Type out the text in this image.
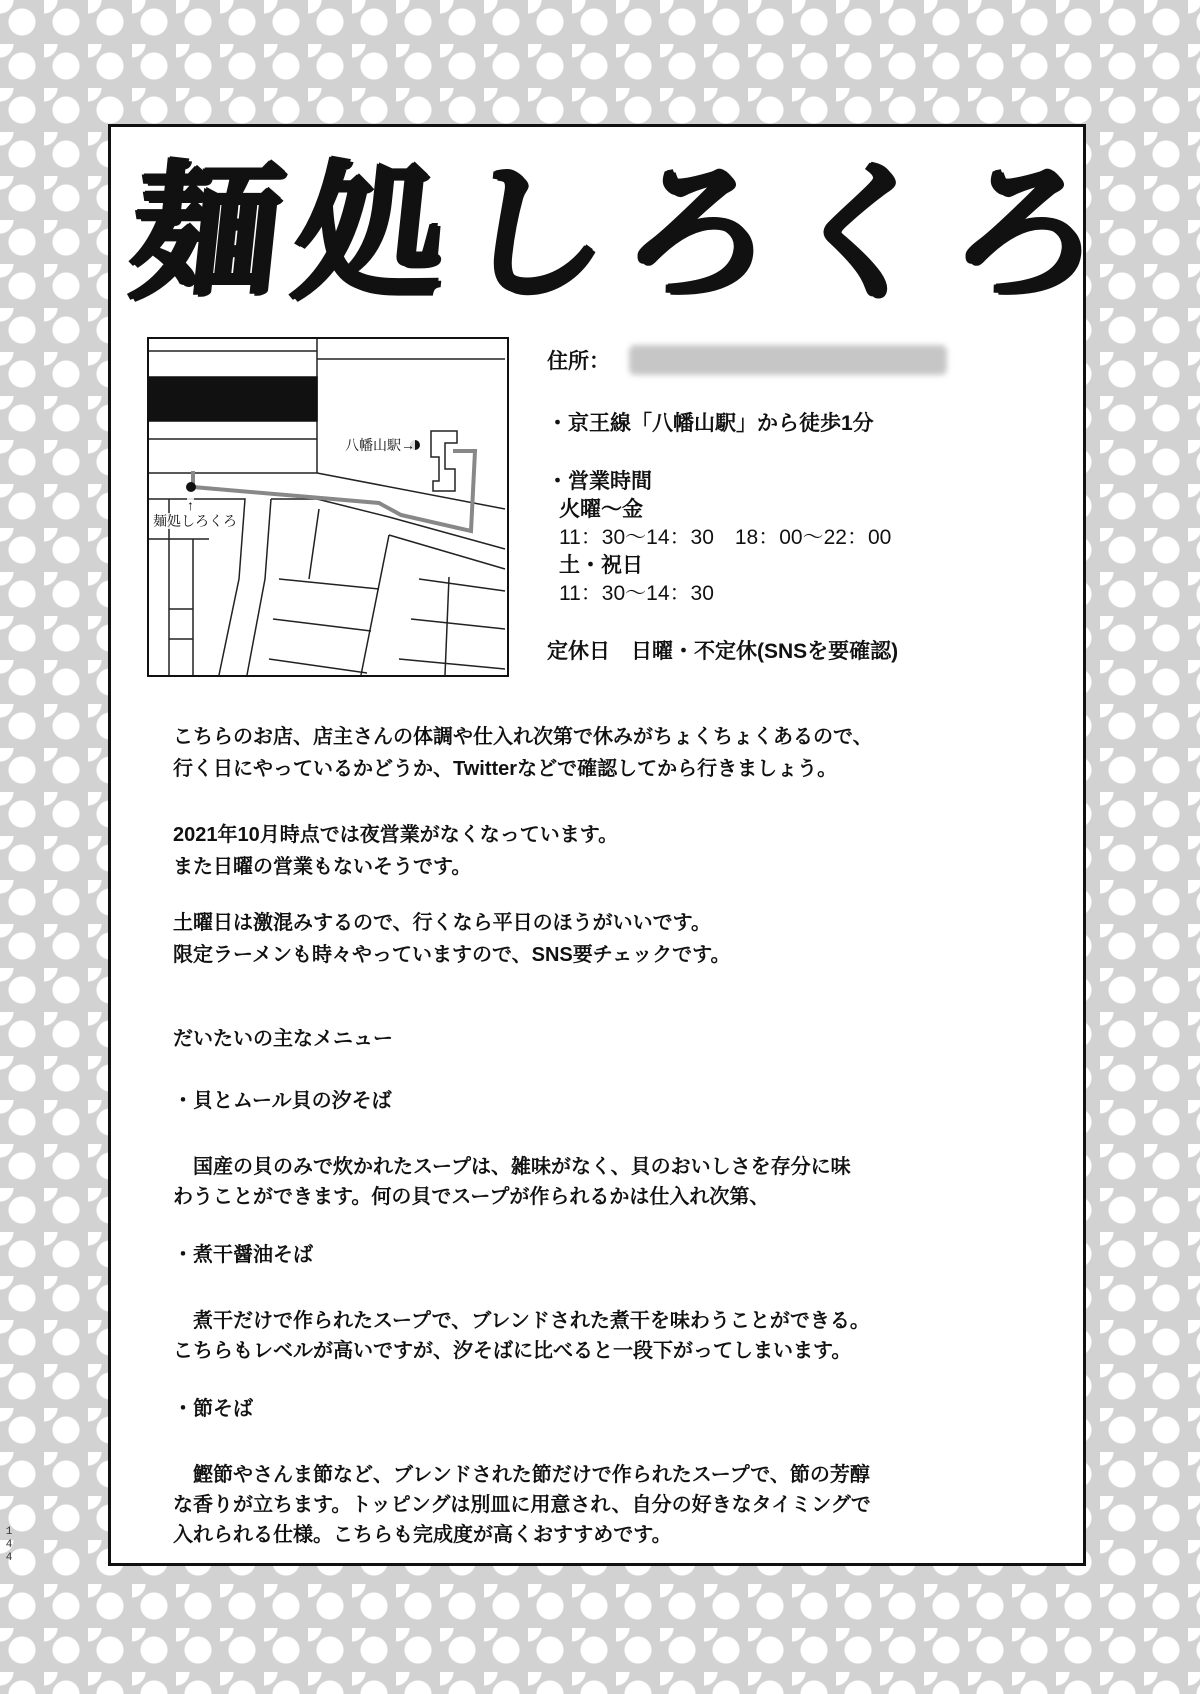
麺処しろくろ
八幡山駅→
↑
麺処しろくろ
住所：
・京王線「八幡山駅」から徒歩1分
・営業時間
火曜～金
11：30～14：30　18：00～22：00
土・祝日
11：30～14：30
定休日　日曜・不定休(SNSを要確認)
こちらのお店、店主さんの体調や仕入れ次第で休みがちょくちょくあるので、
行く日にやっているかどうか、Twitterなどで確認してから行きましょう。
2021年10月時点では夜営業がなくなっています。
また日曜の営業もないそうです。
土曜日は激混みするので、行くなら平日のほうがいいです。
限定ラーメンも時々やっていますので、SNS要チェックです。
だいたいの主なメニュー
・貝とムール貝の汐そば
　国産の貝のみで炊かれたスープは、雑味がなく、貝のおいしさを存分に味
わうことができます。何の貝でスープが作られるかは仕入れ次第、
・煮干醤油そば
　煮干だけで作られたスープで、ブレンドされた煮干を味わうことができる。
こちらもレベルが高いですが、汐そばに比べると一段下がってしまいます。
・節そば
　鰹節やさんま節など、ブレンドされた節だけで作られたスープで、節の芳醇
な香りが立ちます。トッピングは別皿に用意され、自分の好きなタイミングで
入れられる仕様。こちらも完成度が高くおすすめです。
144
